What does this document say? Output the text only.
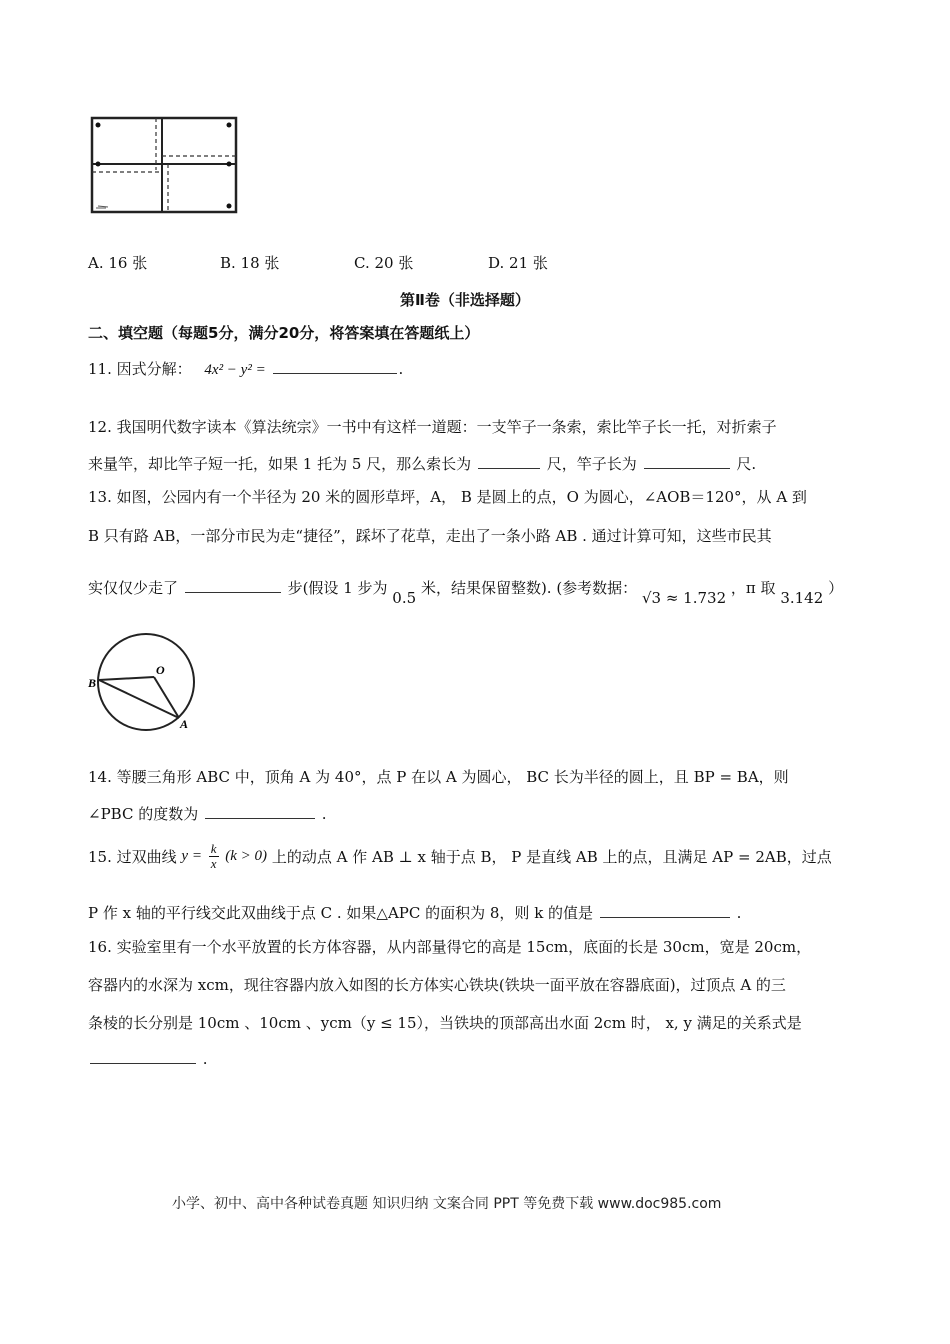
A. 16 张	B. 18 张	C. 20 张	D. 21 张
第Ⅱ卷（非选择题）
二、填空题（每题5分，满分20分，将答案填在答题纸上）
11. 因式分解： 4x² − y² =	.
12. 我国明代数字读本《算法统宗》一书中有这样一道题：一支竿子一条索，索比竿子长一托，对折索子
来量竿，却比竿子短一托，如果 1 托为 5 尺，那么索长为	尺，竿子长为	尺.
13. 如图，公园内有一个半径为 20 米的圆形草坪，A， B 是圆上的点，O 为圆心，∠AOB＝120°，从 A 到
B 只有路 AB，一部分市民为走“捷径”，踩坏了花草，走出了一条小路 AB . 通过计算可知，这些市民其
实仅仅少走了	步(假设 1 步为 0.5 米，结果保留整数). (参考数据： √3 ≈ 1.732 ，π 取 3.142 ）
B
O
A
14. 等腰三角形 ABC 中，顶角 A 为 40°，点 P 在以 A 为圆心， BC 长为半径的圆上，且 BP = BA，则
∠PBC 的度数为	.
15. 过双曲线 $y = \frac{k}{x} (k > 0)$ 上的动点 A 作 AB ⊥ x 轴于点 B， P 是直线 AB 上的点，且满足 AP = 2AB，过点
P 作 x 轴的平行线交此双曲线于点 C . 如果△APC 的面积为 8，则 k 的值是	.
16. 实验室里有一个水平放置的长方体容器，从内部量得它的高是 15cm，底面的长是 30cm，宽是 20cm，
容器内的水深为 xcm，现往容器内放入如图的长方体实心铁块(铁块一面平放在容器底面)，过顶点 A 的三
条棱的长分别是 10cm 、10cm 、ycm（y ≤ 15），当铁块的顶部高出水面 2cm 时， x, y 满足的关系式是
.
小学、初中、高中各种试卷真题 知识归纳 文案合同 PPT 等免费下载 www.doc985.com
